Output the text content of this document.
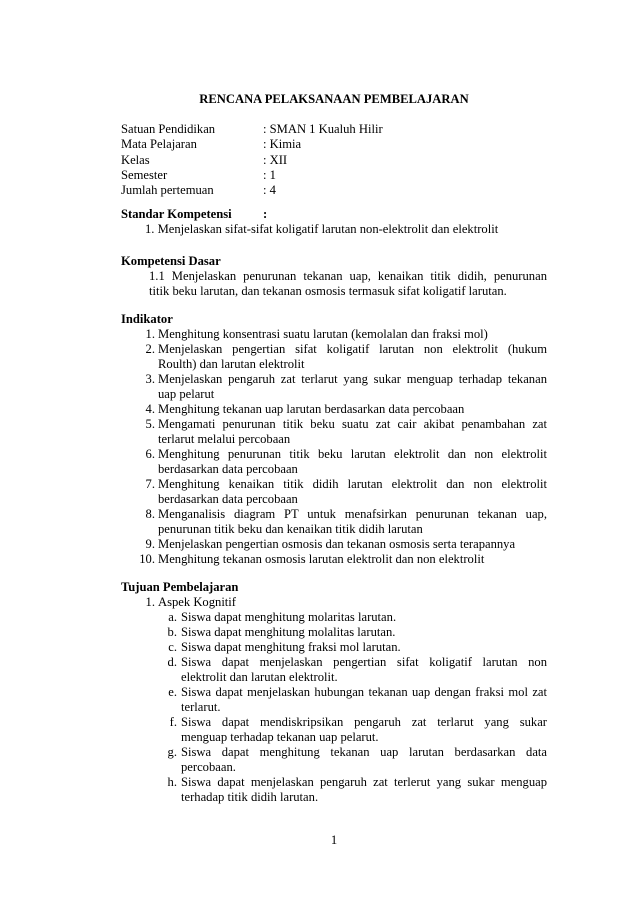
RENCANA PELAKSANAAN PEMBELAJARAN
Satuan Pendidikan	: SMAN 1 Kualuh Hilir
Mata Pelajaran	: Kimia
Kelas	: XII
Semester	: 1
Jumlah pertemuan	: 4
Standar Kompetensi	:
1. Menjelaskan sifat-sifat koligatif larutan non-elektrolit dan elektrolit
Kompetensi Dasar
1.1 Menjelaskan penurunan tekanan uap, kenaikan titik didih, penurunan
titik beku larutan, dan tekanan osmosis termasuk sifat koligatif larutan.
Indikator
1. Menghitung konsentrasi suatu larutan (kemolalan dan fraksi mol)
2. Menjelaskan pengertian sifat koligatif larutan non elektrolit (hukum
Roulth) dan larutan elektrolit
3. Menjelaskan pengaruh zat terlarut yang sukar menguap terhadap tekanan
uap pelarut
4. Menghitung tekanan uap larutan berdasarkan data percobaan
5. Mengamati penurunan titik beku suatu zat cair akibat penambahan zat
terlarut melalui percobaan
6. Menghitung penurunan titik beku larutan elektrolit dan non elektrolit
berdasarkan data percobaan
7. Menghitung kenaikan titik didih larutan elektrolit dan non elektrolit
berdasarkan data percobaan
8. Menganalisis diagram PT untuk menafsirkan penurunan tekanan uap,
penurunan titik beku dan kenaikan titik didih larutan
9. Menjelaskan pengertian osmosis dan tekanan osmosis serta terapannya
10. Menghitung tekanan osmosis larutan elektrolit dan non elektrolit
Tujuan Pembelajaran
1. Aspek Kognitif
a. Siswa dapat menghitung molaritas larutan.
b. Siswa dapat menghitung molalitas larutan.
c. Siswa dapat menghitung fraksi mol larutan.
d. Siswa dapat menjelaskan pengertian sifat koligatif larutan non
elektrolit dan larutan elektrolit.
e. Siswa dapat menjelaskan hubungan tekanan uap dengan fraksi mol zat
terlarut.
f. Siswa dapat mendiskripsikan pengaruh zat terlarut yang sukar
menguap terhadap tekanan uap pelarut.
g. Siswa dapat menghitung tekanan uap larutan berdasarkan data
percobaan.
h. Siswa dapat menjelaskan pengaruh zat terlerut yang sukar menguap
terhadap titik didih larutan.
1
